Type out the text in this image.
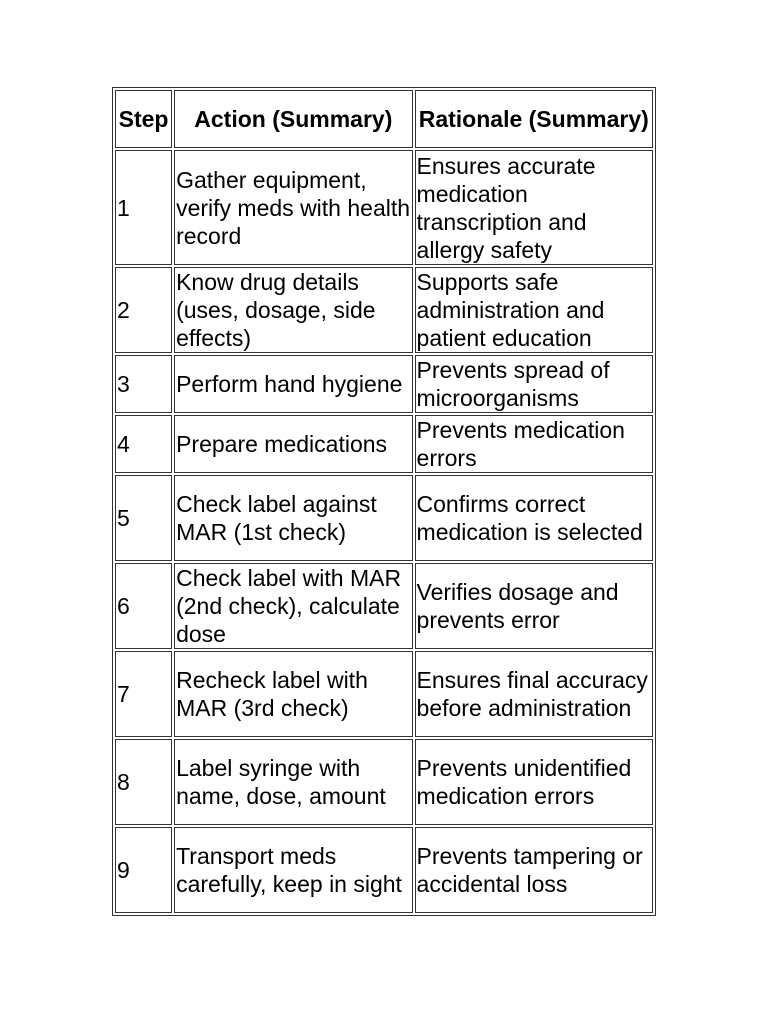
Step	Action (Summary)	Rationale (Summary)
1	Gather equipment, verify meds with health record	Ensures accurate medication transcription and allergy safety
2	Know drug details (uses, dosage, side effects)	Supports safe administration and patient education
3	Perform hand hygiene	Prevents spread of microorganisms
4	Prepare medications	Prevents medication errors
5	Check label against MAR (1st check)	Confirms correct medication is selected
6	Check label with MAR (2nd check), calculate dose	Verifies dosage and prevents error
7	Recheck label with MAR (3rd check)	Ensures final accuracy before administration
8	Label syringe with name, dose, amount	Prevents unidentified medication errors
9	Transport meds carefully, keep in sight	Prevents tampering or accidental loss
